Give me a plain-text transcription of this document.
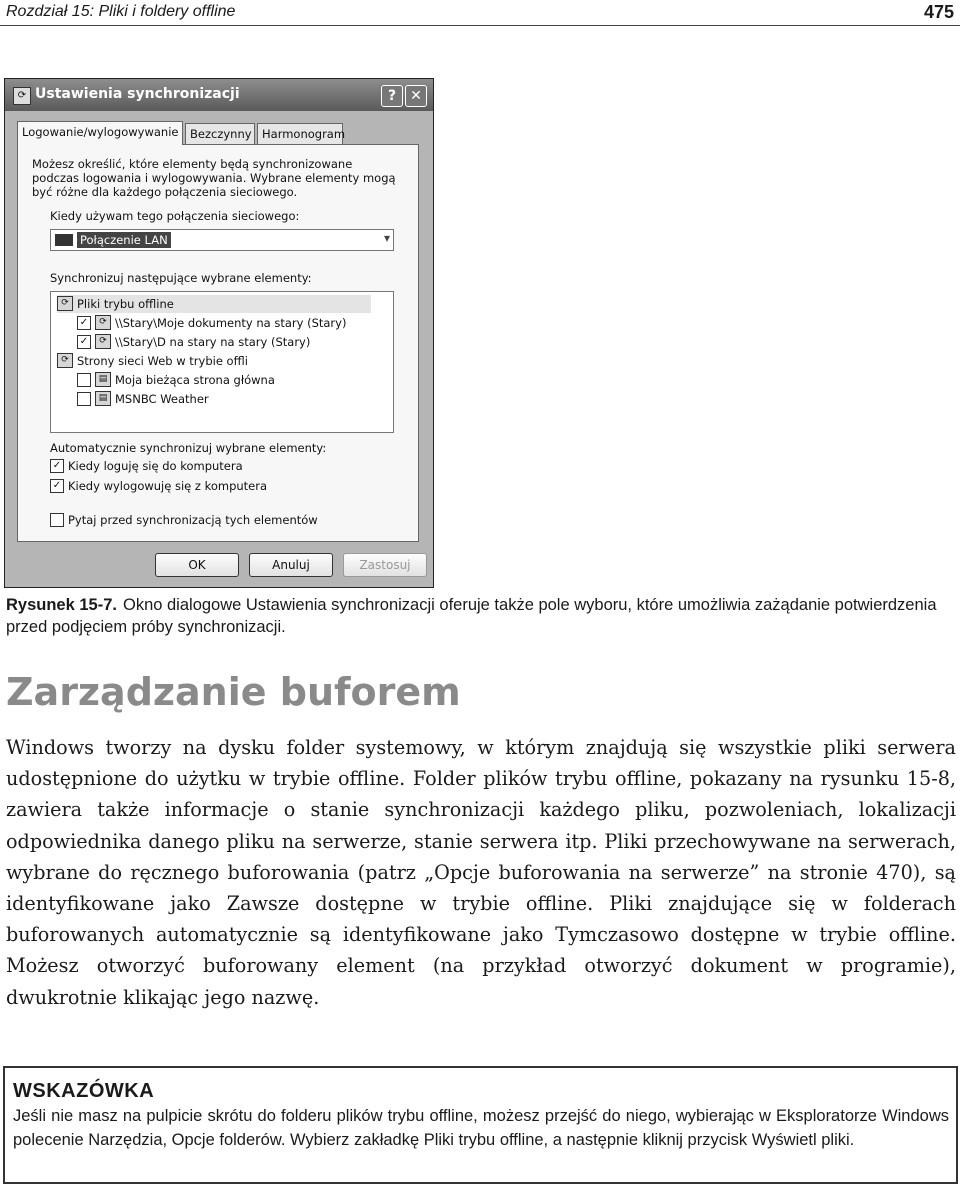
Rozdział 15: Pliki i foldery offline	475
⟳ Ustawienia synchronizacji	?	✕
Logowanie/wylogowywanie	Bezczynny Harmonogram
Możesz określić, które elementy będą synchronizowane podczas logowania i wylogowywania. Wybrane elementy mogą być różne dla każdego połączenia sieciowego.
Kiedy używam tego połączenia sieciowego:
Połączenie LAN	▾
Synchronizuj następujące wybrane elementy:
⟳ Pliki trybu offline
✓ ⟳ \\Stary\Moje dokumenty na stary (Stary)
✓ ⟳ \\Stary\D na stary na stary (Stary)
⟳ Strony sieci Web w trybie offli
▤ Moja bieżąca strona główna
▤ MSNBC Weather
Automatycznie synchronizuj wybrane elementy:
✓ Kiedy loguję się do komputera
✓ Kiedy wylogowuję się z komputera
Pytaj przed synchronizacją tych elementów
OK	Anuluj	Zastosuj
Rysunek 15-7. Okno dialogowe Ustawienia synchronizacji oferuje także pole wyboru, które umożliwia zażądanie potwierdzenia przed podjęciem próby synchronizacji.
Zarządzanie buforem
Windows tworzy na dysku folder systemowy, w którym znajdują się wszystkie pliki serwera udostępnione do użytku w trybie offline. Folder plików trybu offline, pokazany na rysunku 15-8, zawiera także informacje o stanie synchronizacji każdego pliku, pozwoleniach, lokalizacji odpowiednika danego pliku na serwerze, stanie serwera itp. Pliki przechowywane na serwerach, wybrane do ręcznego buforowania (patrz „Opcje buforowania na serwerze” na stronie 470), są identyfikowane jako Zawsze dostępne w trybie offline. Pliki znajdujące się w folderach buforowanych automatycznie są identyfikowane jako Tymczasowo dostępne w trybie offline. Możesz otworzyć buforowany element (na przykład otworzyć dokument w programie), dwukrotnie klikając jego nazwę.
WSKAZÓWKA
Jeśli nie masz na pulpicie skrótu do folderu plików trybu offline, możesz przejść do niego, wybierając w Eksploratorze Windows polecenie Narzędzia, Opcje folderów. Wybierz zakładkę Pliki trybu offline, a następnie kliknij przycisk Wyświetl pliki.
